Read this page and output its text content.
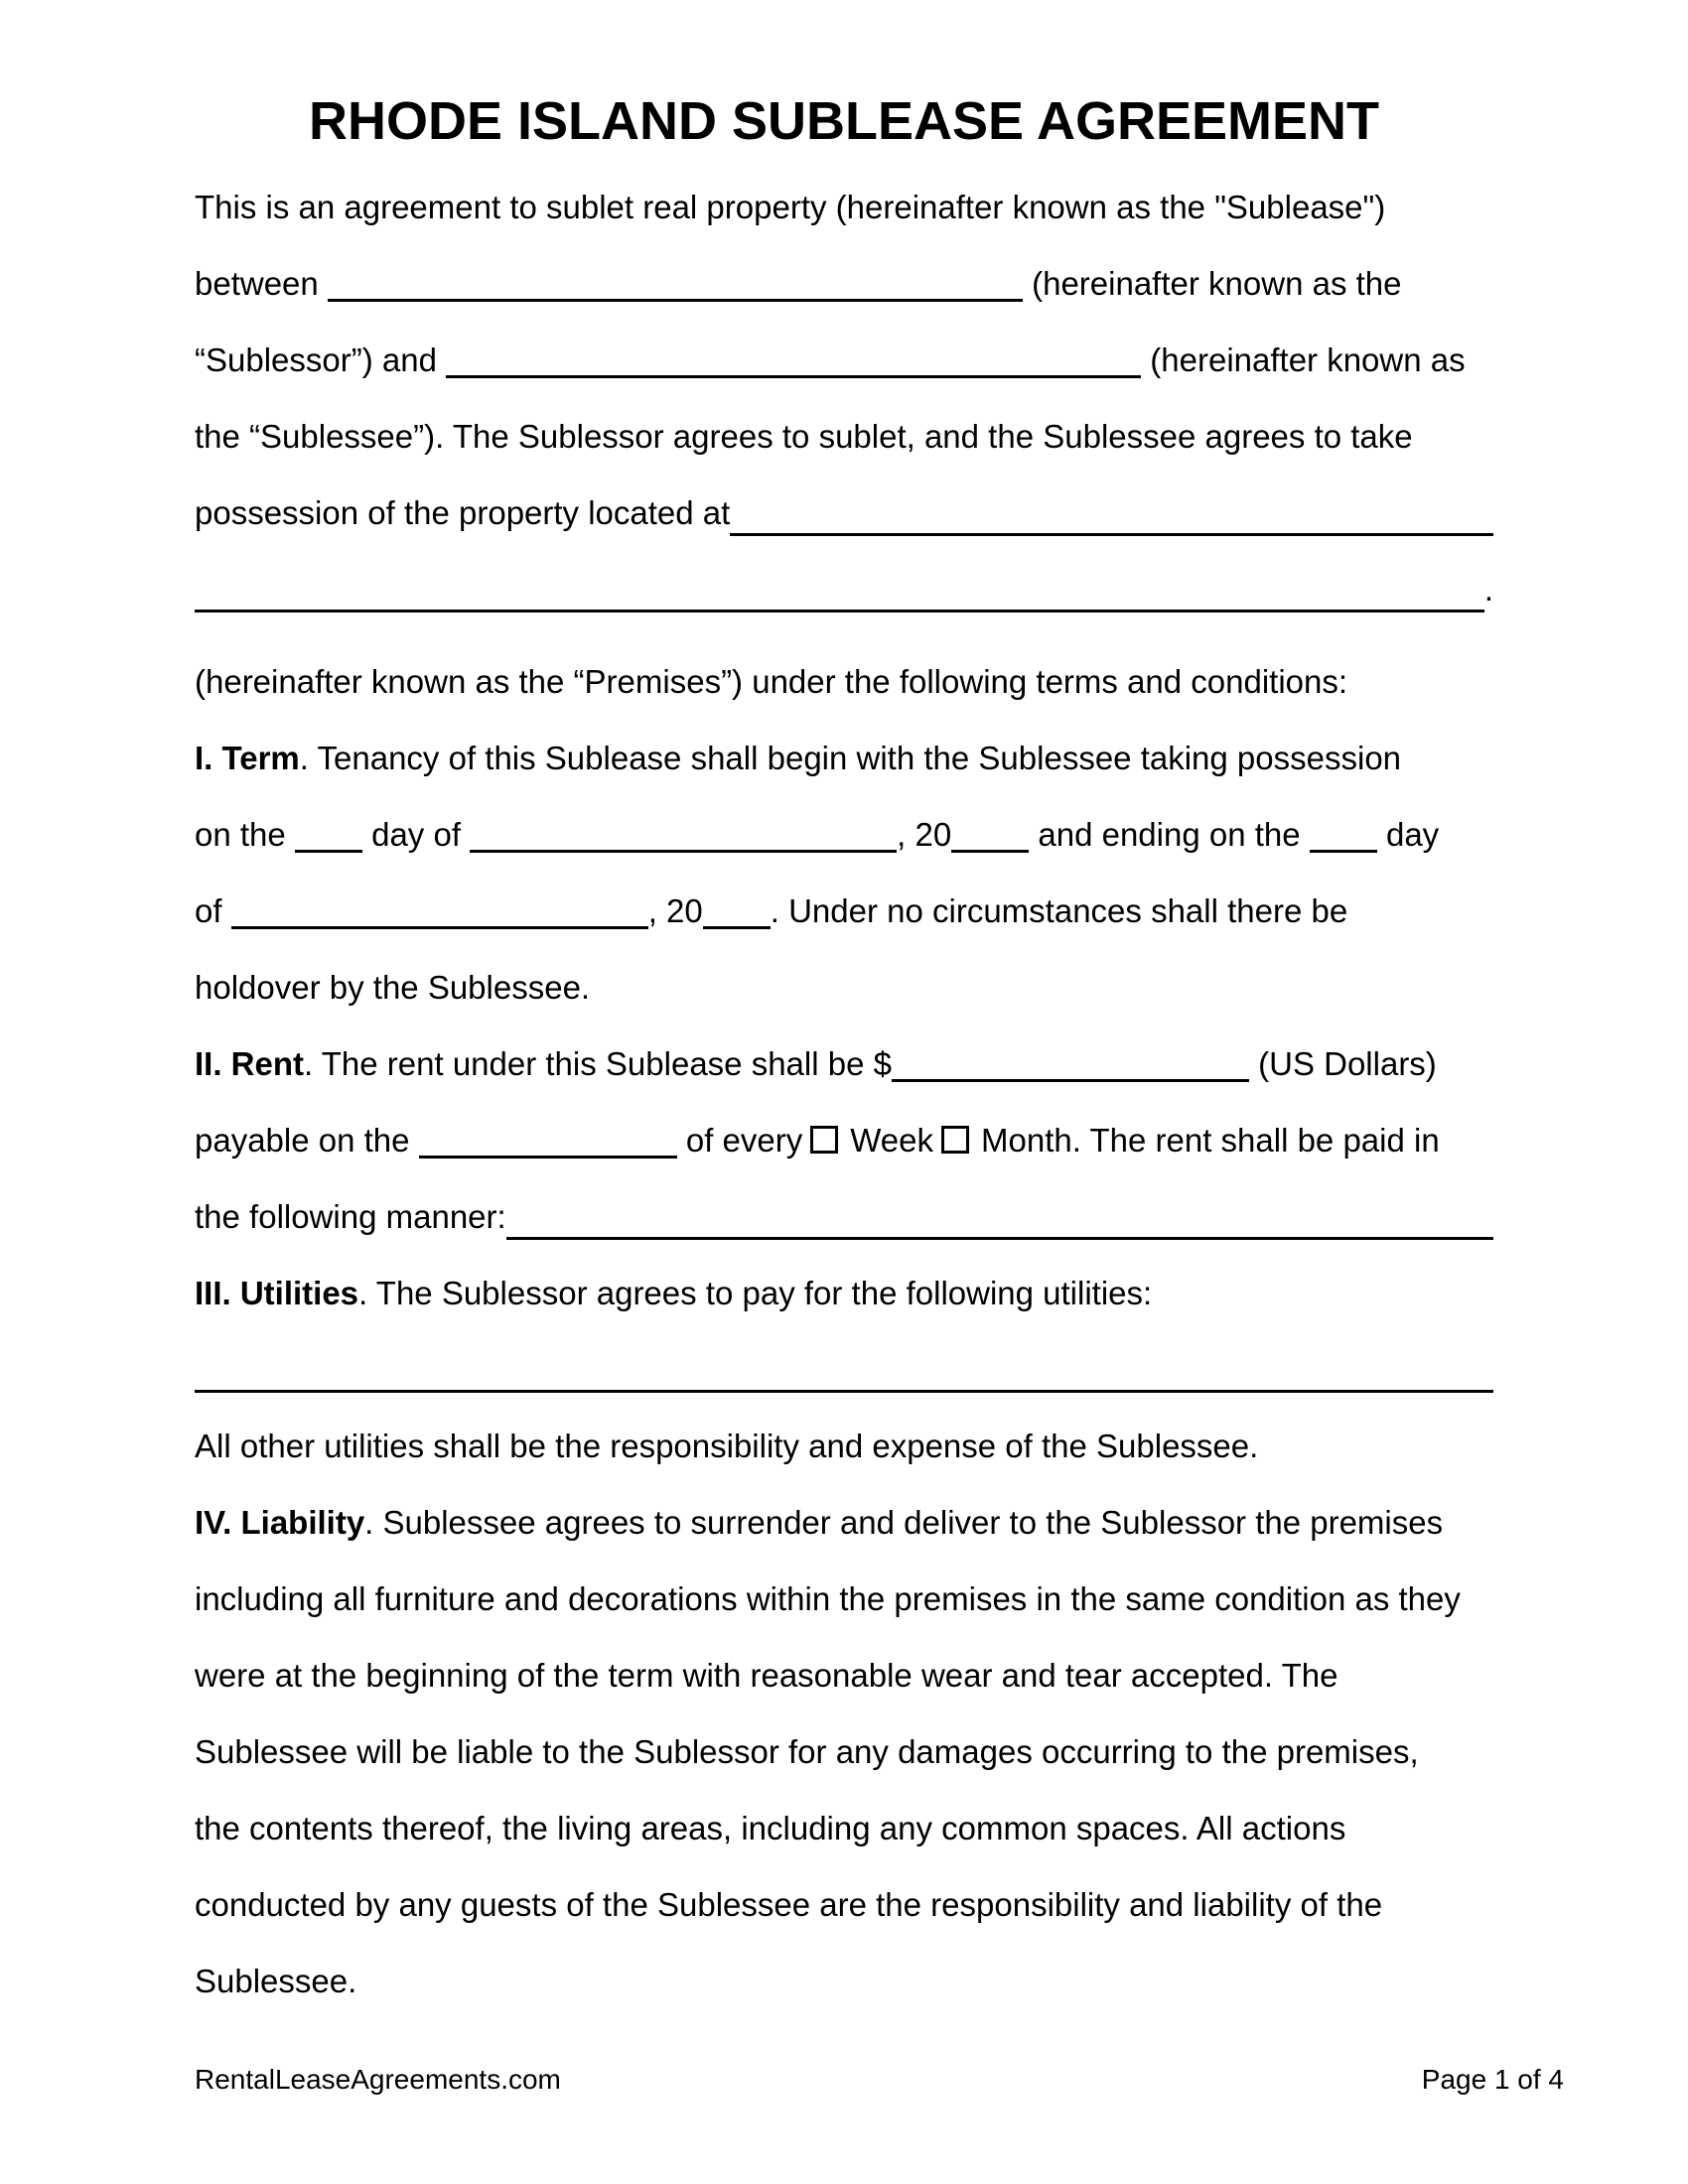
RHODE ISLAND SUBLEASE AGREEMENT
This is an agreement to sublet real property (hereinafter known as the "Sublease")
between	(hereinafter known as the
“Sublessor”) and	(hereinafter known as
the “Sublessee”). The Sublessor agrees to sublet, and the Sublessee agrees to take
possession of the property located at
.
(hereinafter known as the “Premises”) under the following terms and conditions:
I. Term. Tenancy of this Sublease shall begin with the Sublessee taking possession
on the  day of	, 20 and ending on the  day
of	, 20 . Under no circumstances shall there be
holdover by the Sublessee.
II. Rent. The rent under this Sublease shall be $	(US Dollars)
payable on the	of every Week Month. The rent shall be paid in
the following manner:
III. Utilities. The Sublessor agrees to pay for the following utilities:
All other utilities shall be the responsibility and expense of the Sublessee.
IV. Liability. Sublessee agrees to surrender and deliver to the Sublessor the premises
including all furniture and decorations within the premises in the same condition as they
were at the beginning of the term with reasonable wear and tear accepted. The
Sublessee will be liable to the Sublessor for any damages occurring to the premises,
the contents thereof, the living areas, including any common spaces. All actions
conducted by any guests of the Sublessee are the responsibility and liability of the
Sublessee.
RentalLeaseAgreements.com	Page 1 of 4
